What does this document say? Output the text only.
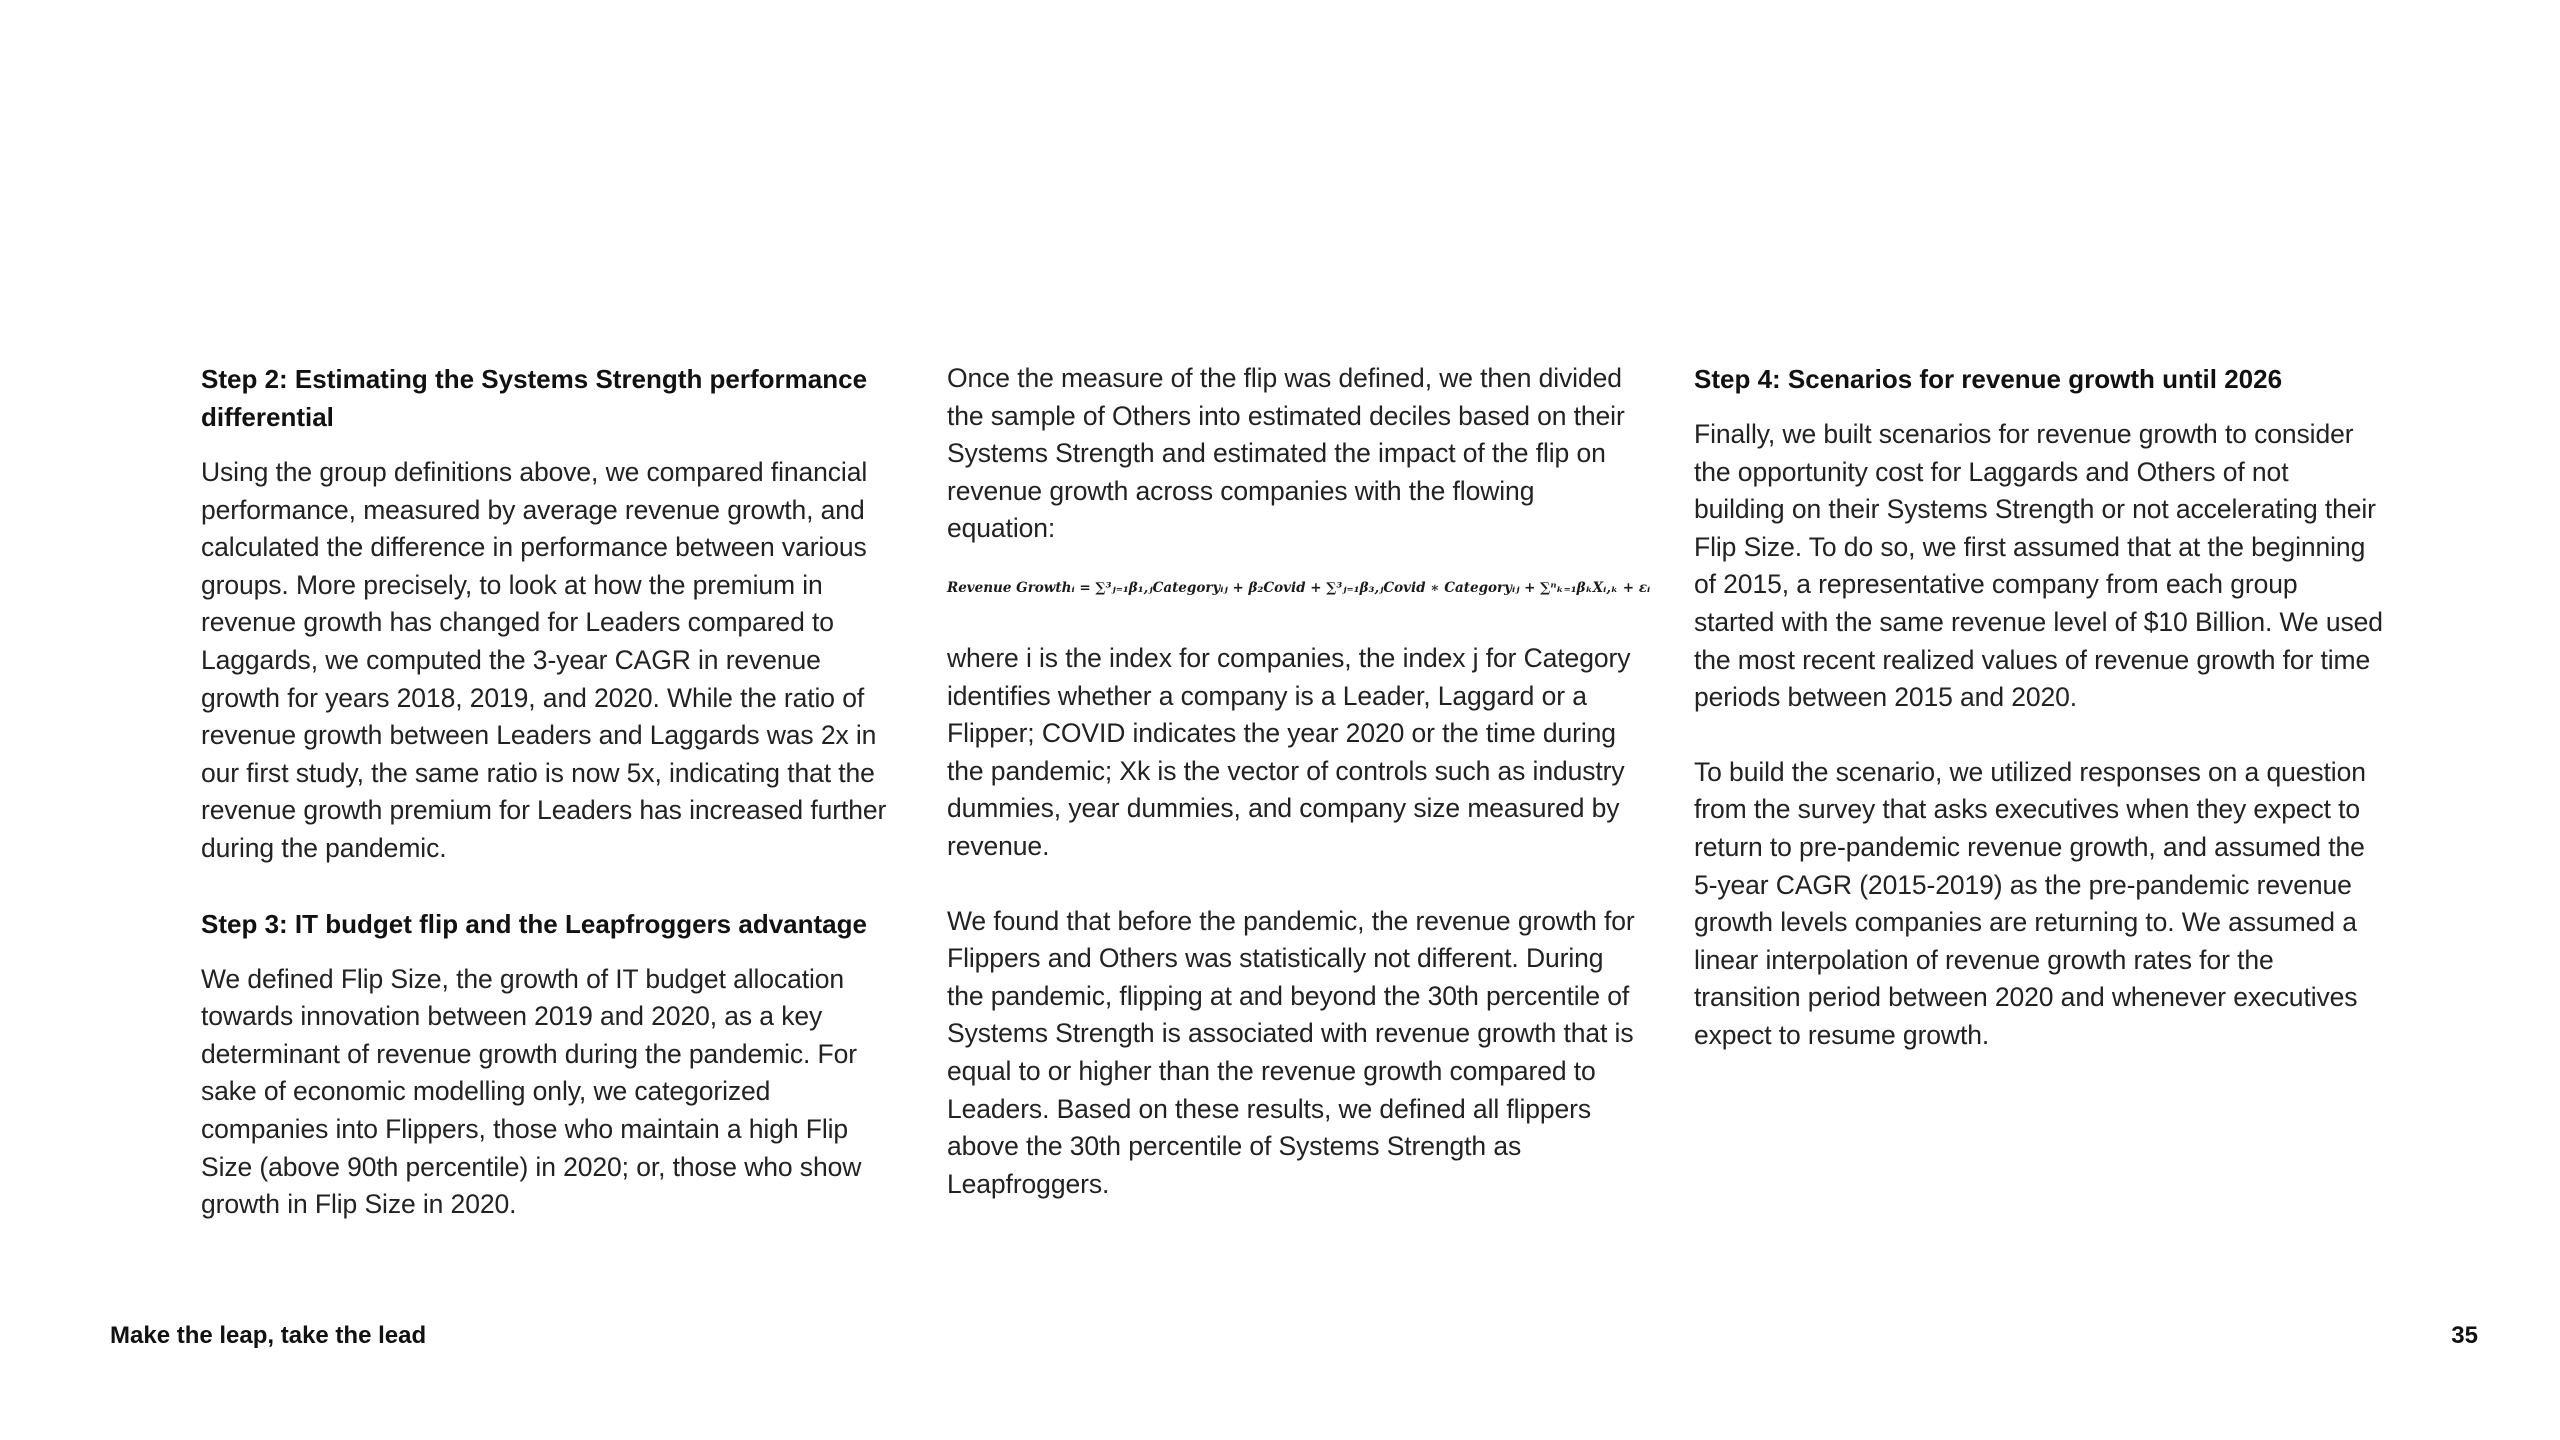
Step 2: Estimating the Systems Strength performance differential

Using the group definitions above, we compared financial performance, measured by average revenue growth, and calculated the difference in performance between various groups. More precisely, to look at how the premium in revenue growth has changed for Leaders compared to Laggards, we computed the 3-year CAGR in revenue growth for years 2018, 2019, and 2020. While the ratio of revenue growth between Leaders and Laggards was 2x in our first study, the same ratio is now 5x, indicating that the revenue growth premium for Leaders has increased further during the pandemic.

Step 3: IT budget flip and the Leapfroggers advantage

We defined Flip Size, the growth of IT budget allocation towards innovation between 2019 and 2020, as a key determinant of revenue growth during the pandemic. For sake of economic modelling only, we categorized companies into Flippers, those who maintain a high Flip Size (above 90th percentile) in 2020; or, those who show growth in Flip Size in 2020.

Once the measure of the flip was defined, we then divided the sample of Others into estimated deciles based on their Systems Strength and estimated the impact of the flip on revenue growth across companies with the flowing equation:

Revenue Growthᵢ = ∑³ⱼ₌₁β₁,ⱼCategoryᵢⱼ + β₂Covid + ∑³ⱼ₌₁β₃,ⱼCovid ∗ Categoryᵢⱼ + ∑ⁿₖ₌₁βₖXᵢ,ₖ + εᵢ

where i is the index for companies, the index j for Category identifies whether a company is a Leader, Laggard or a Flipper; COVID indicates the year 2020 or the time during the pandemic; Xk is the vector of controls such as industry dummies, year dummies, and company size measured by revenue.

We found that before the pandemic, the revenue growth for Flippers and Others was statistically not different. During the pandemic, flipping at and beyond the 30th percentile of Systems Strength is associated with revenue growth that is equal to or higher than the revenue growth compared to Leaders. Based on these results, we defined all flippers above the 30th percentile of Systems Strength as Leapfroggers.

Step 4: Scenarios for revenue growth until 2026

Finally, we built scenarios for revenue growth to consider the opportunity cost for Laggards and Others of not building on their Systems Strength or not accelerating their Flip Size. To do so, we first assumed that at the beginning of 2015, a representative company from each group started with the same revenue level of $10 Billion. We used the most recent realized values of revenue growth for time periods between 2015 and 2020.

To build the scenario, we utilized responses on a question from the survey that asks executives when they expect to return to pre-pandemic revenue growth, and assumed the 5-year CAGR (2015-2019) as the pre-pandemic revenue growth levels companies are returning to. We assumed a linear interpolation of revenue growth rates for the transition period between 2020 and whenever executives expect to resume growth.

Make the leap, take the lead	35
